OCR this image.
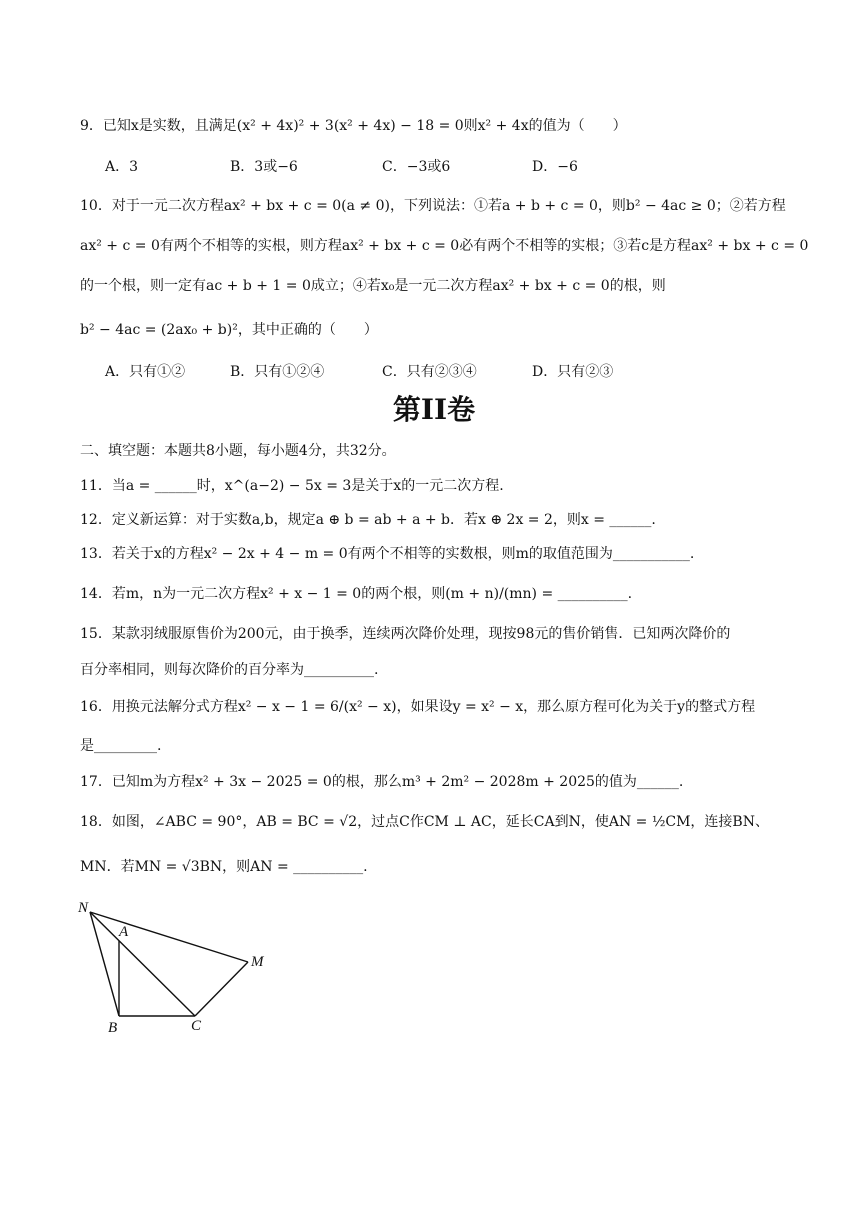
9．已知x是实数，且满足(x² + 4x)² + 3(x² + 4x) − 18 = 0则x² + 4x的值为（　　）
A．3	B．3或−6	C．−3或6	D．−6
10．对于一元二次方程ax² + bx + c = 0(a ≠ 0)，下列说法：①若a + b + c = 0，则b² − 4ac ≥ 0；②若方程
ax² + c = 0有两个不相等的实根，则方程ax² + bx + c = 0必有两个不相等的实根；③若c是方程ax² + bx + c = 0
的一个根，则一定有ac + b + 1 = 0成立；④若x₀是一元二次方程ax² + bx + c = 0的根，则
b² − 4ac = (2ax₀ + b)²，其中正确的（　　）
A．只有①②	B．只有①②④	C．只有②③④	D．只有②③
第II卷
二、填空题：本题共8小题，每小题4分，共32分。
11．当a = ______时，x^(a−2) − 5x = 3是关于x的一元二次方程.
12．定义新运算：对于实数a,b，规定a ⊕ b = ab + a + b．若x ⊕ 2x = 2，则x = ______.
13．若关于x的方程x² − 2x + 4 − m = 0有两个不相等的实数根，则m的取值范围为___________.
14．若m，n为一元二次方程x² + x − 1 = 0的两个根，则(m + n)/(mn) = __________.
15．某款羽绒服原售价为200元，由于换季，连续两次降价处理，现按98元的售价销售．已知两次降价的
百分率相同，则每次降价的百分率为__________.
16．用换元法解分式方程x² − x − 1 = 6/(x² − x)，如果设y = x² − x，那么原方程可化为关于y的整式方程
是_________.
17．已知m为方程x² + 3x − 2025 = 0的根，那么m³ + 2m² − 2028m + 2025的值为______.
18．如图，∠ABC = 90°，AB = BC = √2，过点C作CM ⊥ AC，延长CA到N，使AN = ½CM，连接BN、
MN．若MN = √3BN，则AN = __________.
N
A
M
B	C
